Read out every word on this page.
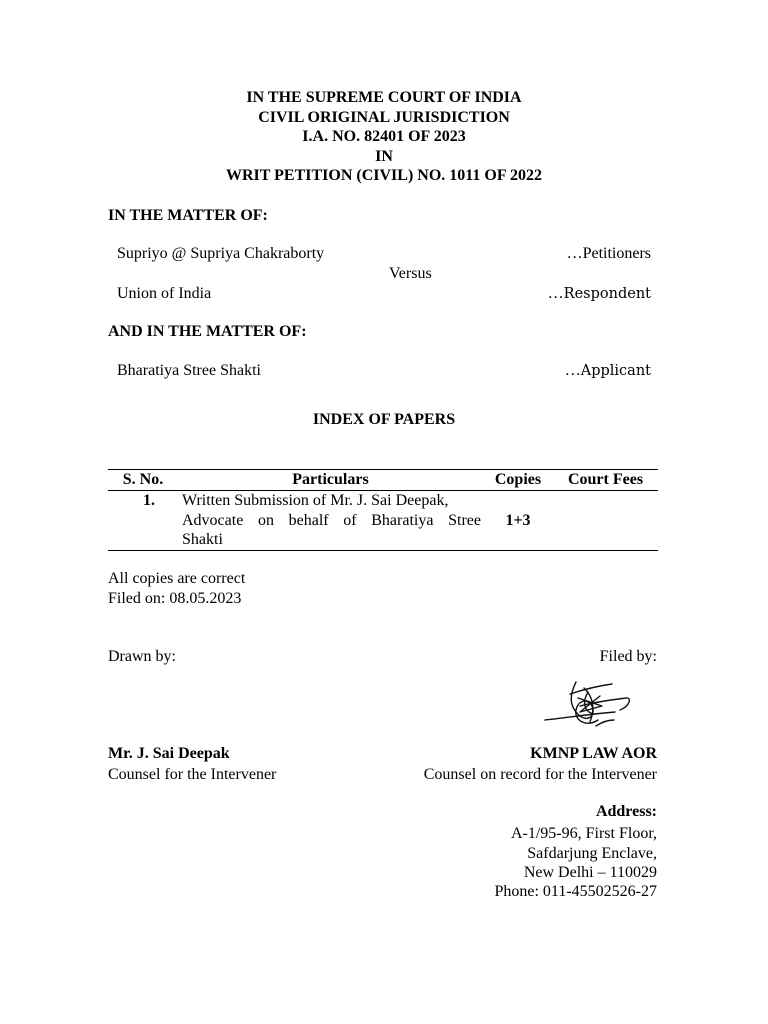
IN THE SUPREME COURT OF INDIA
CIVIL ORIGINAL JURISDICTION
I.A. NO. 82401 OF 2023
IN
WRIT PETITION (CIVIL) NO. 1011 OF 2022
IN THE MATTER OF:
Supriyo @ Supriya Chakraborty	…Petitioners
Versus
Union of India	…Respondent
AND IN THE MATTER OF:
Bharatiya Stree Shakti	…Applicant
INDEX OF PAPERS
S. No.	Particulars	Copies	Court Fees
1.	Written Submission of Mr. J. Sai Deepak,
Advocate on behalf of Bharatiya Stree
Shakti	1+3	
All copies are correct
Filed on: 08.05.2023
Drawn by:	Filed by:
Mr. J. Sai Deepak	KMNP LAW AOR
Counsel for the Intervener	Counsel on record for the Intervener
Address:
A-1/95-96, First Floor,
Safdarjung Enclave,
New Delhi – 110029
Phone: 011-45502526-27
